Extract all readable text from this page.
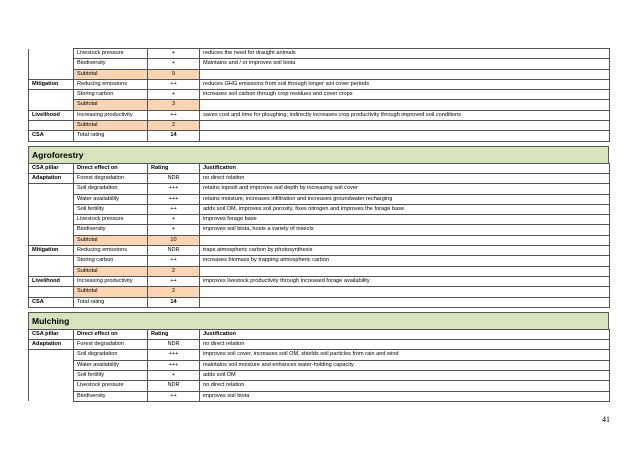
	Livestock pressure	+	reduces the need for draught animals
	Biodiversity	+	Maintains and / or improves soil biota
	Subtotal	9	
Mitigation	Reducing emissions	++	reduces GHG emissions from soil through longer soil cover periods
	Storing carbon	+	increases soil carbon through crop residues and cover crops
	Subtotal	3	
Livelihood	Increasing productivity	++	saves cost and time for ploughing; indirectly increases crop productivity through improved soil conditions
	Subtotal	2	
CSA	Total rating	14	
Agroforestry
CSA pillar	Direct effect on	Rating	Justification
Adaptation	Forest degradation	NDR	no direct relation
	Soil degradation	+++	retains topsoil and improves soil depth by increasing soil cover
	Water availability	+++	retains moisture, increases infiltration and increases groundwater recharging
	Soil fertility	++	adds soil OM, improves soil porosity, fixes nitrogen and improves the forage base
	Livestock pressure	+	improves forage base
	Biodiversity	+	improves soil biota, hosts a variety of insects
	Subtotal	10	
Mitigation	Reducing emissions	NDR	traps atmospheric carbon by photosynthesis
	Storing carbon	++	increases biomass by trapping atmospheric carbon
	Subtotal	2	
Livelihood	Increasing productivity	++	improves livestock productivity through increased forage availability
	Subtotal	2	
CSA	Total rating	14	
Mulching
CSA pillar	Direct effect on	Rating	Justification
Adaptation	Forest degradation	NDR	no direct relation
	Soil degradation	+++	improves soil cover, increases soil OM, shields soil particles from rain and wind
	Water availability	+++	maintains soil moisture and enhances water-holding capacity
	Soil fertility	+	adds soil OM
	Livestock pressure	NDR	no direct relation
	Biodiversity	++	improves soil biota
41
